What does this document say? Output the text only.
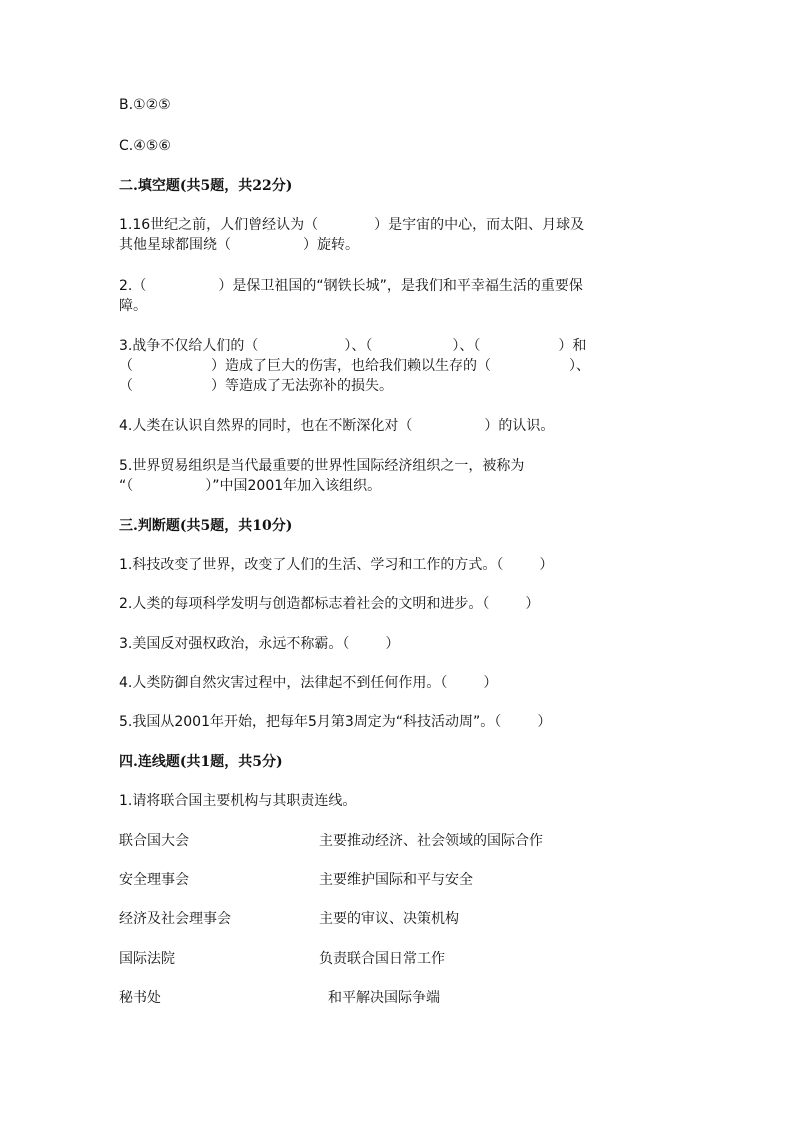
B.①②⑤
C.④⑤⑥
二.填空题(共5题，共22分)
1.16世纪之前，人们曾经认为（	）是宇宙的中心，而太阳、月球及
其他星球都围绕（	）旋转。
2.（	）是保卫祖国的“钢铁长城”，是我们和平幸福生活的重要保
障。
3.战争不仅给人们的（	）、（	）、（	）和
（	）造成了巨大的伤害，也给我们赖以生存的（	）、
（	）等造成了无法弥补的损失。
4.人类在认识自然界的同时，也在不断深化对（	）的认识。
5.世界贸易组织是当代最重要的世界性国际经济组织之一，被称为
“（	）”中国2001年加入该组织。
三.判断题(共5题，共10分)
1.科技改变了世界，改变了人们的生活、学习和工作的方式。（	）
2.人类的每项科学发明与创造都标志着社会的文明和进步。（	）
3.美国反对强权政治，永远不称霸。（	）
4.人类防御自然灾害过程中，法律起不到任何作用。（	）
5.我国从2001年开始，把每年5月第3周定为“科技活动周”。（	）
四.连线题(共1题，共5分)
1.请将联合国主要机构与其职责连线。
联合国大会	主要推动经济、社会领域的国际合作
安全理事会	主要维护国际和平与安全
经济及社会理事会	主要的审议、决策机构
国际法院	负责联合国日常工作
秘书处	和平解决国际争端
